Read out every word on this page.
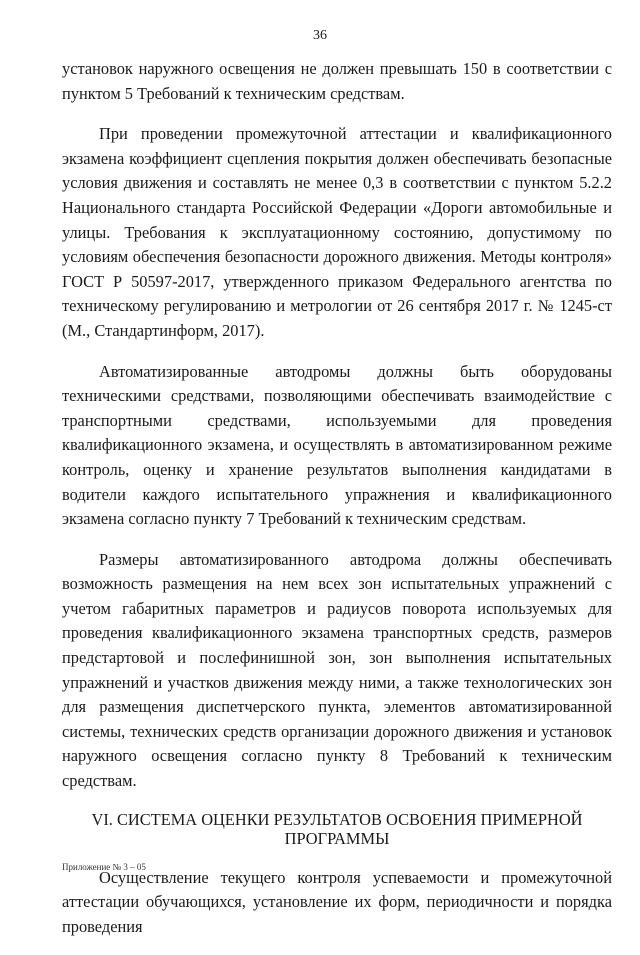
36

установок наружного освещения не должен превышать 150 в соответствии с пунктом 5 Требований к техническим средствам.

При проведении промежуточной аттестации и квалификационного экзамена коэффициент сцепления покрытия должен обеспечивать безопасные условия движения и составлять не менее 0,3 в соответствии с пунктом 5.2.2 Национального стандарта Российской Федерации «Дороги автомобильные и улицы. Требования к эксплуатационному состоянию, допустимому по условиям обеспечения безопасности дорожного движения. Методы контроля» ГОСТ Р 50597-2017, утвержденного приказом Федерального агентства по техническому регулированию и метрологии от 26 сентября 2017 г. № 1245-ст (М., Стандартинформ, 2017).

Автоматизированные автодромы должны быть оборудованы техническими средствами, позволяющими обеспечивать взаимодействие с транспортными средствами, используемыми для проведения квалификационного экзамена, и осуществлять в автоматизированном режиме контроль, оценку и хранение результатов выполнения кандидатами в водители каждого испытательного упражнения и квалификационного экзамена согласно пункту 7 Требований к техническим средствам.

Размеры автоматизированного автодрома должны обеспечивать возможность размещения на нем всех зон испытательных упражнений с учетом габаритных параметров и радиусов поворота используемых для проведения квалификационного экзамена транспортных средств, размеров предстартовой и послефинишной зон, зон выполнения испытательных упражнений и участков движения между ними, а также технологических зон для размещения диспетчерского пункта, элементов автоматизированной системы, технических средств организации дорожного движения и установок наружного освещения согласно пункту 8 Требований к техническим средствам.

VI. СИСТЕМА ОЦЕНКИ РЕЗУЛЬТАТОВ ОСВОЕНИЯ ПРИМЕРНОЙ
ПРОГРАММЫ

Осуществление текущего контроля успеваемости и промежуточной аттестации обучающихся, установление их форм, периодичности и порядка проведения

Приложение № 3 – 05
